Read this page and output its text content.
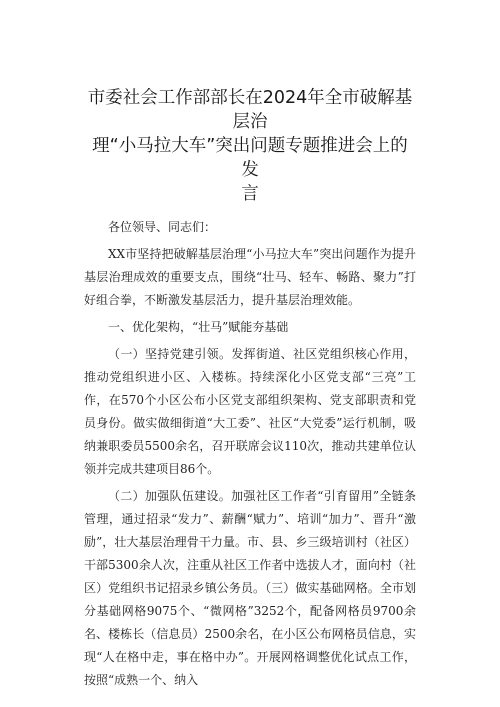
市委社会工作部部长在2024年全市破解基层治
理“小马拉大车”突出问题专题推进会上的发
言

各位领导、同志们：

XX市坚持把破解基层治理“小马拉大车”突出问题作为提升基层治理成效的重要支点，围绕“壮马、轻车、畅路、聚力”打好组合拳，不断激发基层活力，提升基层治理效能。

一、优化架构，“壮马”赋能夯基础

（一）坚持党建引领。发挥街道、社区党组织核心作用，推动党组织进小区、入楼栋。持续深化小区党支部“三亮”工作，在570个小区公布小区党支部组织架构、党支部职责和党员身份。做实做细街道“大工委”、社区“大党委”运行机制，吸纳兼职委员5500余名，召开联席会议110次，推动共建单位认领并完成共建项目86个。

（二）加强队伍建设。加强社区工作者“引育留用”全链条管理，通过招录“发力”、薪酬“赋力”、培训“加力”、晋升“激励”，壮大基层治理骨干力量。市、县、乡三级培训村（社区）干部5300余人次，注重从社区工作者中选拔人才，面向村（社区）党组织书记招录乡镇公务员。（三）做实基础网格。全市划分基础网格9075个、“微网格”3252个，配备网格员9700余名、楼栋长（信息员）2500余名，在小区公布网格员信息，实现“人在格中走，事在格中办”。开展网格调整优化试点工作，按照“成熟一个、纳入
